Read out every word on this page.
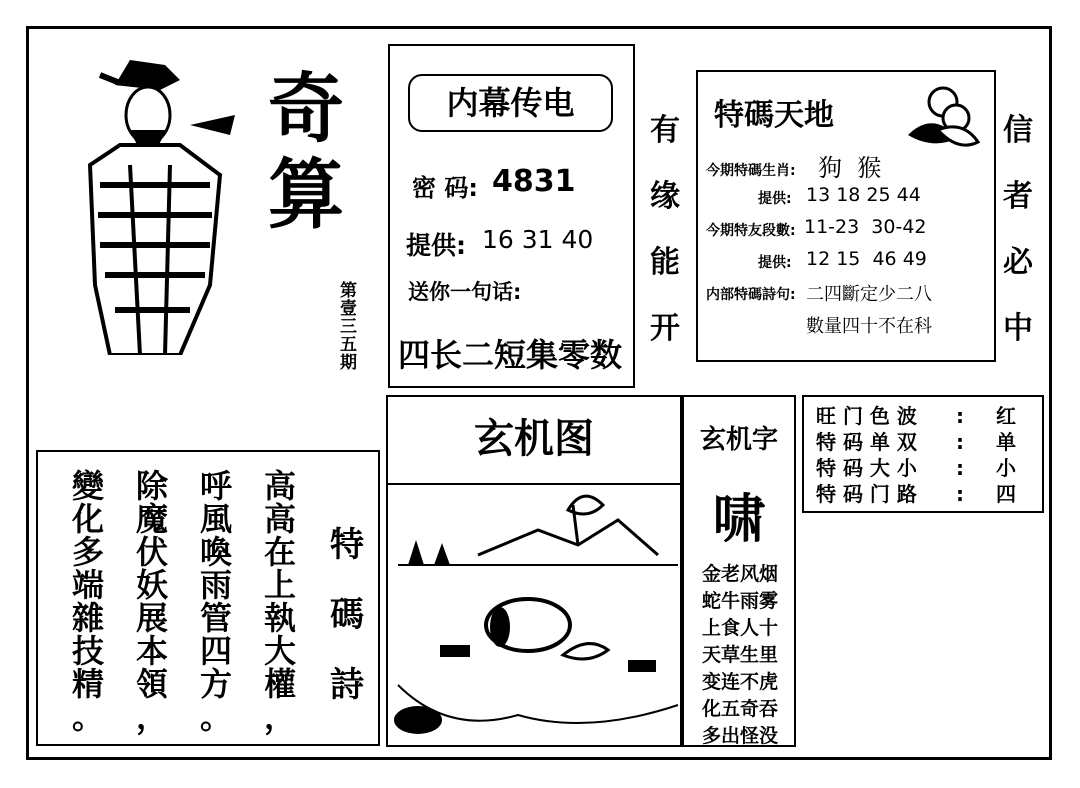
奇
算
第
壹
三
五
期
内幕传电
密 码: 4831
提供: 16 31 40
送你一句话:
四长二短集零数
有
缘
能
开
特碼天地
今期特碼生肖: 狗  猴
提供: 13 18 25 44
今期特友段數: 11-23  30-42
提供: 12 15  46 49
内部特碼詩句: 二四斷定少二八
數量四十不在科
信
者
必
中
玄机图	玄机字
啸
金老风烟
蛇牛雨雾
上食人十
天草生里
变连不虎
化五奇吞
多出怪没
旺 门 色 波	:	红
特 码 单 双	:	单
特 码 大 小	:	小
特 码 门 路	:	四
特
碼
詩
高
高
在
上
執
大
權
，
呼
風
喚
雨
管
四
方
。
除
魔
伏
妖
展
本
領
，
變
化
多
端
雜
技
精
。
